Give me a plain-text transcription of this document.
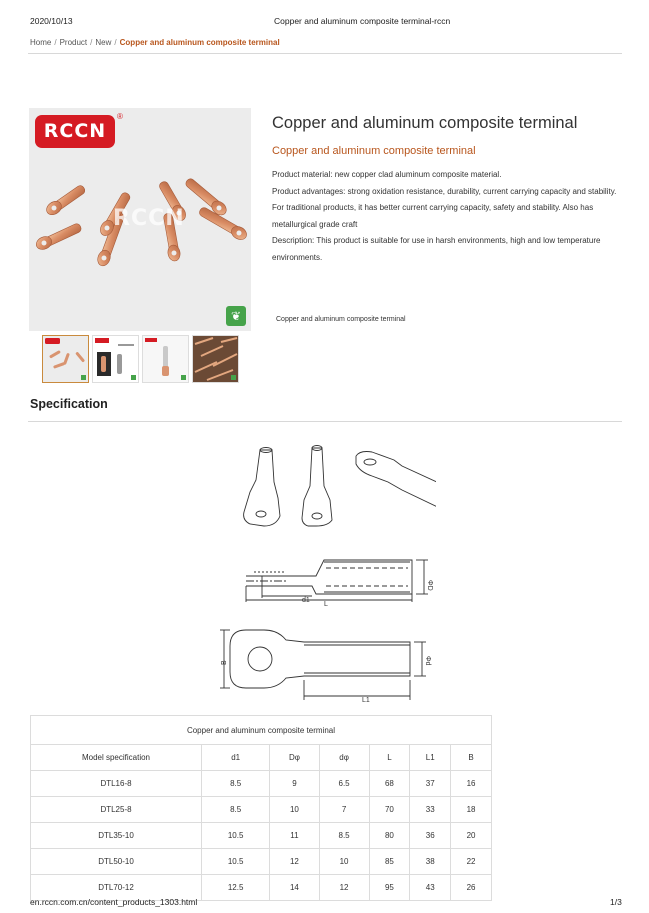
2020/10/13	Copper and aluminum composite terminal-rccn
Home / Product / New / Copper and aluminum composite terminal
RCCN
®
RCCN
❦
Copper and aluminum composite terminal
Copper and aluminum composite terminal

Product material: new copper clad aluminum composite material.

Product advantages: strong oxidation resistance, durability, current carrying capacity and stability.

For traditional products, it has better current carrying capacity, safety and stability. Also has metallurgical grade craft

Description: This product is suitable for use in harsh environments, high and low temperature environments.

Copper and aluminum composite terminal
Specification
d1
L
ΦD
B	Φd
L1
Copper and aluminum composite terminal						
Model specification	d1	Dφ	dφ	L	L1	B
DTL16-8	8.5	9	6.5	68	37	16
DTL25-8	8.5	10	7	70	33	18
DTL35-10	10.5	11	8.5	80	36	20
DTL50-10	10.5	12	10	85	38	22
DTL70-12	12.5	14	12	95	43	26
en.rccn.com.cn/content_products_1303.html	1/3
